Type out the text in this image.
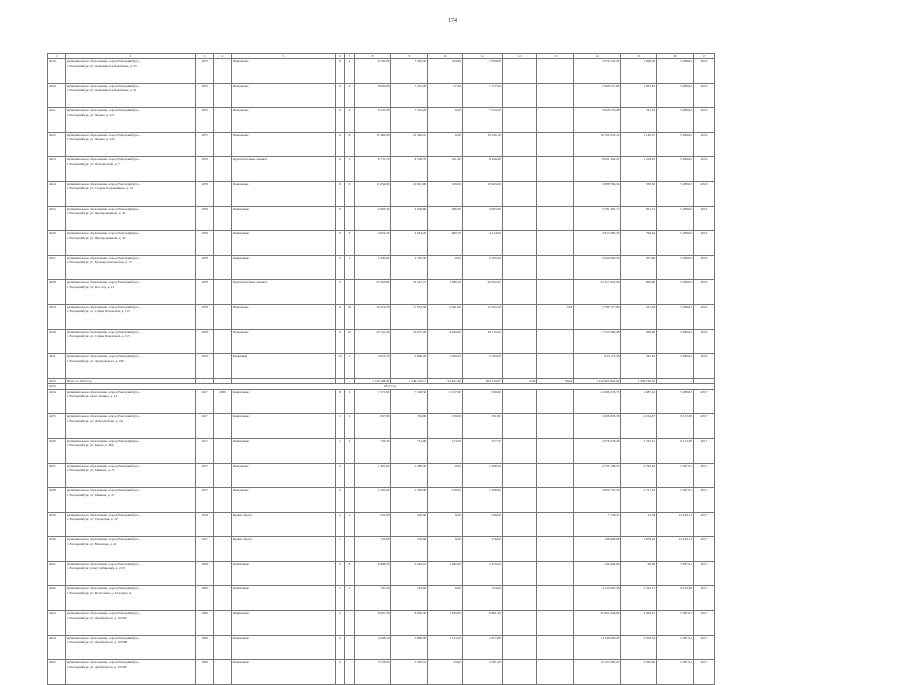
174
1	2	3	4	5	6	7	8	9	10	11	12	13	14	15	16	17
4219.	муниципальное образование «город Екатеринбург»,
г. Екатеринбург, ул. Альпинистов Барабаева, д. 53	1973		Панельные	9	4	8 192,00	7 293,50	193,90	7 099,60			7 879 141,29	1 099,30	5 288,02	2016
4220.	муниципальное образование «город Екатеринбург»,
г. Екатеринбург, ул. Альпинистов Барабаева, д. 41	1973		Панельные	9	4	8 092,60	7 225,00	57,30	7 177,90			7 909 257,88	1 093,26	5 288,02	2016
4221.	муниципальное образование «город Екатеринбург»,
г. Екатеринбург, ул. Чехова, д. 127	1973		Панельные	9	4	8 235,30	7 234,20	0,00	7 234,20			3 928 279,48	541,52	5 288,02	2016
4222.	муниципальное образование «город Екатеринбург»,
г. Екатеринбург, ул. Чехова, д. 129	1975		Панельные	9	8	11 486,90	10 340,10	0,00	10 340,10			10 792 035,14	1 140,37	5 288,02	2016
4223.	муниципальное образование «город Екатеринбург»,
г. Екатеринбург, ул. Победителей, д. 7	1976		Крупноблочные силикат	9	5	9 731,70	8 550,70	101,20	8 449,40			9 091 164,23	1 256,81	5 288,02	2016
4224.	муниципальное образование «город Екатеринбург»,
г. Екатеринбург, ул. Старых Большевиков, д. 52	1978		Панельные	9	6	11 834,90	10 601,00	106,00	10 495,00			3 688 784,34	358,30	5 288,02	2016
4225.	муниципальное образование «город Екатеринбург»,
г. Екатеринбург, ул. Фрезеровщиков, д. 32	1978		Кирпичные	9		4 663,30	4 549,80	586,50	3 963,30			3 781 495,17	831,13	5 288,02	2016
4226.	муниципальное образование «город Екатеринбург»,
г. Екатеринбург, ул. Фрезеровщиков, д. 34	1978		Кирпичные	9	3	4 824,20	4 824,20	609,70	4 214,60			3 813 382,35	790,44	5 288,02	2016
4227.	муниципальное образование «город Екатеринбург»,
г. Екатеринбург, ул. Бульвар комсомолец, д. 17/	1978		Кирпичные	9	1	2 449,90	2 165,50	0,00	2 165,50			2 046 600,39	937,69	5 288,02	2016
4228.	муниципальное образование «город Екатеринбург»,
г. Екатеринбург, ул. Вос-тор, д. 12	1978		Крупноблочные силикат	9		27 003,80	22 241,72	1 289,10	20 952,62			21 477 925,49	962,00	5 288,02	2016
4229.	муниципальное образование «город Екатеринбург»,
г. Екатеринбург, ул. Софьи Перовской, д. 113	1978		Панельные	9	10	19 219,70	17 633,50	2 041,00	15 592,50		818	5 789 177,80	327,39	5 288,02	2016
4230.	муниципальное образование «город Екатеринбург»,
г. Екатеринбург, ул. Софьи Перовской, д. 115	1978		Панельные	9	10	25 741,20	25 037,20	4 920,00	20 113,20			7 723 390,48	308,48	5 288,02	2016
4231.	муниципальное образование «город Екатеринбург»,
г. Екатеринбург, ул. Луначарского, д. 180	1979		Каменные	24	1	3 610,50	3 806,20	1 009,20	2 799,00			933 173,58	245,19	5 288,02	2016
4232.	Итого за 2016 год	-	-	-	-	-	1 154 108,99	1 149 103,17	94 627,40	954 732,87	0,00	8924	1 416 903 942,00	1 459 190,52	-	-
4233.	2017 год															
4234.	муниципальное образование «город Екатеринбург»,
г. Екатеринбург, пр-кт Ленина, д. 41	1917	2009	Кирпичные	8	2	7 271,90	7 148,50	6 217,90	930,60			14 286 376,70	1 987,22	5 288,02	2017
4235.	муниципальное образование «город Екатеринбург»,
г. Екатеринбург, ул. Добролюбова, д. 2Д	1917		Кирпичные	2	2	847,90	749,90	158,00	591,80			3 266 833,58	4 104,67	9 313,38	2017
4236.	муниципальное образование «город Екатеринбург»,
г. Екатеринбург, ул. Карла, д. 38А	1917		Кирпичные	1	2	756,30	751,90	174,20	577,70			2 078 578,49	2 767,21	9 313,38	2017
4237.	муниципальное образование «город Екатеринбург»,
г. Екатеринбург, ул. Мамина, д. 25	1917		Панельные	4		1 401,60	1 286,50	0,00	1 286,50			4 733 138,25	3 792,94	5 387,91	2017
4238.	муниципальное образование «город Екатеринбург»,
г. Екатеринбург, ул. Мамина, д. 27	1917		Панельные	4		1 592,90	1 506,40	210,00	1 296,60			4 009 737,16	2 721,55	5 387,91	2017
4239.	муниципальное образование «город Екатеринбург»,
г. Екатеринбург, ул. Уральская, д. 19	1918		Бревно (брус)	2	1	270,00	246,00	0,00	246,00			7 728,33	23,38	12 039,13	2017
4240.	муниципальное образование «город Екатеринбург»,
г. Екатеринбург, ул. Вилонова, д. 41	1917		Бревно (брус)	1		176,60	176,60	0,00	176,60			199 668,88	1 879,16	12 039,13	2017
4241.	муниципальное образование «город Екатеринбург»,
г. Екатеринбург, тракт Сибирский, д. 2/25	1928		Кирпичные	4	8	6 898,20	3 962,10	1 482,90	2 479,20			240 464,64	60,69	5 387,91	2017
4242.	муниципальное образование «город Екатеринбург»,
г. Екатеринбург, ул. Восточная, д. 34 корпус А	1929		Кирпичные	1	1	787,20	724,60	0,00	724,60			4 153 093,58	5 702,57	9 313,38	2017
4243.	муниципальное образование «город Екатеринбург»,
г. Екатеринбург, ул. Декабристов, д. 16/18б	1929		Кирпичные	4		8 997,50	8 836,30	1 945,00	6 891,30			31 862 436,89	3 606,67	5 387,91	2017
4244.	муниципальное образование «город Екатеринбург»,
г. Екатеринбург, ул. Декабристов, д. 16/18В	1929		Кирпичные	4		4 098,50	3 800,00	1 123,20	2 677,80			13 340 006,45	3 509,54	5 387,91	2017
4245.	муниципальное образование «город Екатеринбург»,
г. Екатеринбург, ул. Декабристов, д. 16/18Г	1929		Кирпичные	4		3 578,90	3 395,10	33,90	3 361,20			12 103 385,24	3 565,66	5 387,91	2017
